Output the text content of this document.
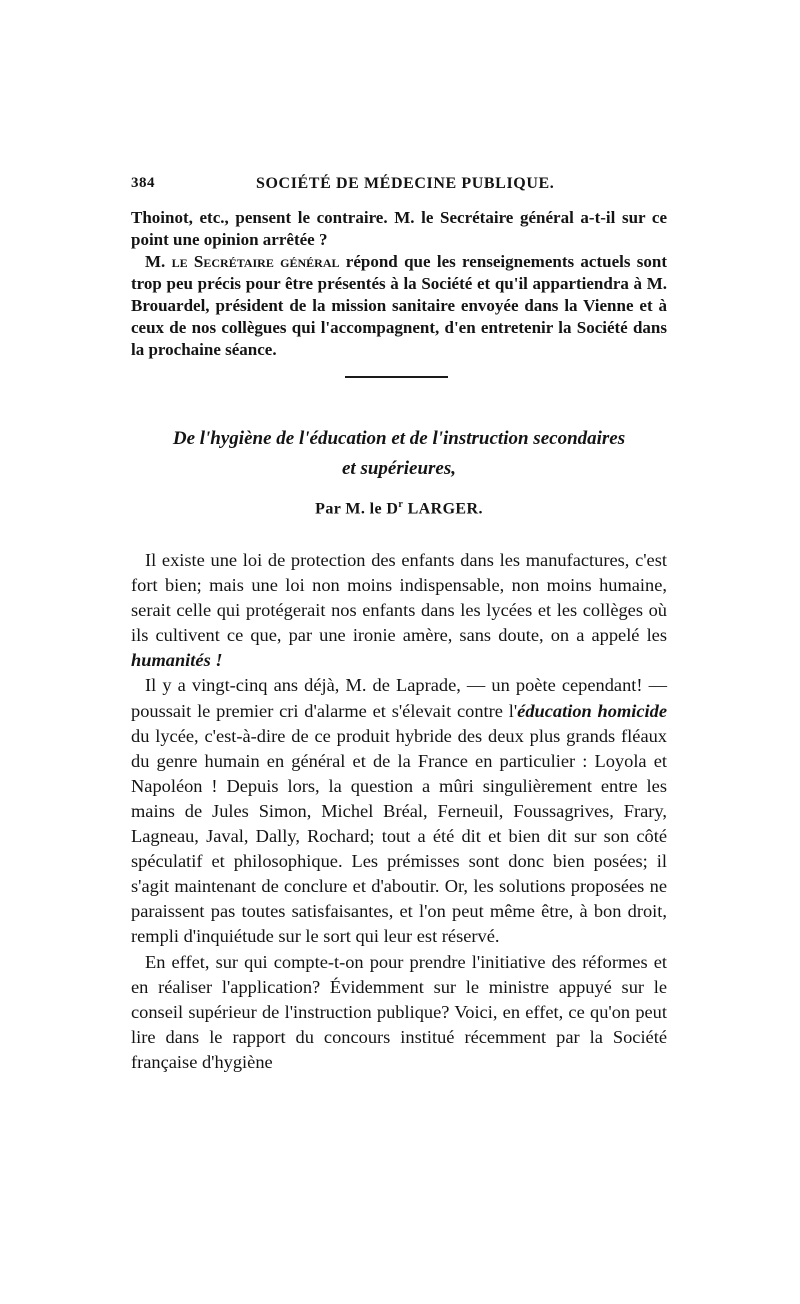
384	SOCIÉTÉ DE MÉDECINE PUBLIQUE.

Thoinot, etc., pensent le contraire. M. le Secrétaire général a-t-il sur ce point une opinion arrêtée ?

M. le Secrétaire général répond que les renseignements actuels sont trop peu précis pour être présentés à la Société et qu'il appartiendra à M. Brouardel, président de la mission sanitaire envoyée dans la Vienne et à ceux de nos collègues qui l'accompagnent, d'en entretenir la Société dans la prochaine séance.

De l'hygiène de l'éducation et de l'instruction secondaires
et supérieures,

Par M. le $D^r$ LARGER.

Il existe une loi de protection des enfants dans les manufactures, c'est fort bien; mais une loi non moins indispensable, non moins humaine, serait celle qui protégerait nos enfants dans les lycées et les collèges où ils cultivent ce que, par une ironie amère, sans doute, on a appelé les humanités !

Il y a vingt-cinq ans déjà, M. de Laprade, — un poète cependant! — poussait le premier cri d'alarme et s'élevait contre l'éducation homicide du lycée, c'est-à-dire de ce produit hybride des deux plus grands fléaux du genre humain en général et de la France en particulier : Loyola et Napoléon ! Depuis lors, la question a mûri singulièrement entre les mains de Jules Simon, Michel Bréal, Ferneuil, Foussagrives, Frary, Lagneau, Javal, Dally, Rochard; tout a été dit et bien dit sur son côté spéculatif et philosophique. Les prémisses sont donc bien posées; il s'agit maintenant de conclure et d'aboutir. Or, les solutions proposées ne paraissent pas toutes satisfaisantes, et l'on peut même être, à bon droit, rempli d'inquiétude sur le sort qui leur est réservé.

En effet, sur qui compte-t-on pour prendre l'initiative des réformes et en réaliser l'application? Évidemment sur le ministre appuyé sur le conseil supérieur de l'instruction publique? Voici, en effet, ce qu'on peut lire dans le rapport du concours institué récemment par la Société française d'hygiène
